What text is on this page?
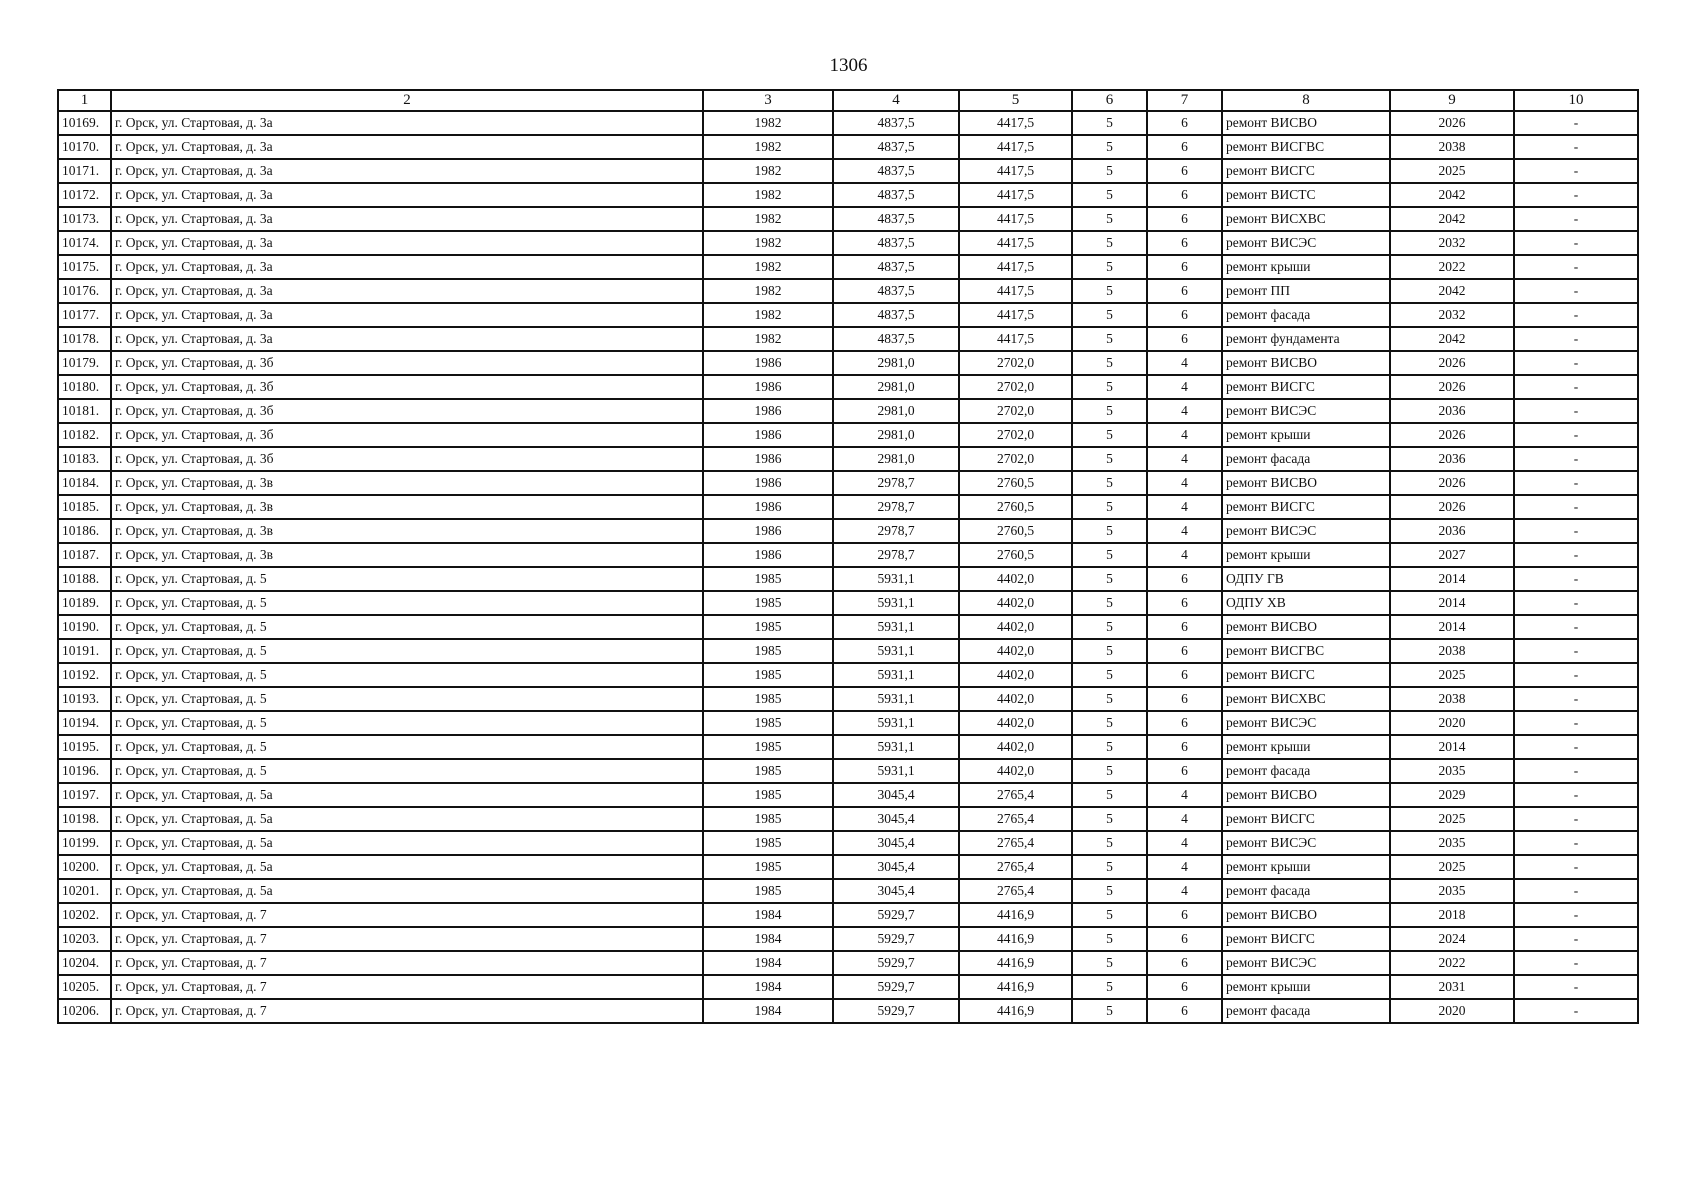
1306
1	2	3	4	5	6	7	8	9	10
10169.	г. Орск, ул. Стартовая, д. 3а	1982	4837,5	4417,5	5	6	ремонт ВИСВО	2026	-
10170.	г. Орск, ул. Стартовая, д. 3а	1982	4837,5	4417,5	5	6	ремонт ВИСГВС	2038	-
10171.	г. Орск, ул. Стартовая, д. 3а	1982	4837,5	4417,5	5	6	ремонт ВИСГС	2025	-
10172.	г. Орск, ул. Стартовая, д. 3а	1982	4837,5	4417,5	5	6	ремонт ВИСТС	2042	-
10173.	г. Орск, ул. Стартовая, д. 3а	1982	4837,5	4417,5	5	6	ремонт ВИСХВС	2042	-
10174.	г. Орск, ул. Стартовая, д. 3а	1982	4837,5	4417,5	5	6	ремонт ВИСЭС	2032	-
10175.	г. Орск, ул. Стартовая, д. 3а	1982	4837,5	4417,5	5	6	ремонт крыши	2022	-
10176.	г. Орск, ул. Стартовая, д. 3а	1982	4837,5	4417,5	5	6	ремонт ПП	2042	-
10177.	г. Орск, ул. Стартовая, д. 3а	1982	4837,5	4417,5	5	6	ремонт фасада	2032	-
10178.	г. Орск, ул. Стартовая, д. 3а	1982	4837,5	4417,5	5	6	ремонт фундамента	2042	-
10179.	г. Орск, ул. Стартовая, д. 3б	1986	2981,0	2702,0	5	4	ремонт ВИСВО	2026	-
10180.	г. Орск, ул. Стартовая, д. 3б	1986	2981,0	2702,0	5	4	ремонт ВИСГС	2026	-
10181.	г. Орск, ул. Стартовая, д. 3б	1986	2981,0	2702,0	5	4	ремонт ВИСЭС	2036	-
10182.	г. Орск, ул. Стартовая, д. 3б	1986	2981,0	2702,0	5	4	ремонт крыши	2026	-
10183.	г. Орск, ул. Стартовая, д. 3б	1986	2981,0	2702,0	5	4	ремонт фасада	2036	-
10184.	г. Орск, ул. Стартовая, д. 3в	1986	2978,7	2760,5	5	4	ремонт ВИСВО	2026	-
10185.	г. Орск, ул. Стартовая, д. 3в	1986	2978,7	2760,5	5	4	ремонт ВИСГС	2026	-
10186.	г. Орск, ул. Стартовая, д. 3в	1986	2978,7	2760,5	5	4	ремонт ВИСЭС	2036	-
10187.	г. Орск, ул. Стартовая, д. 3в	1986	2978,7	2760,5	5	4	ремонт крыши	2027	-
10188.	г. Орск, ул. Стартовая, д. 5	1985	5931,1	4402,0	5	6	ОДПУ ГВ	2014	-
10189.	г. Орск, ул. Стартовая, д. 5	1985	5931,1	4402,0	5	6	ОДПУ ХВ	2014	-
10190.	г. Орск, ул. Стартовая, д. 5	1985	5931,1	4402,0	5	6	ремонт ВИСВО	2014	-
10191.	г. Орск, ул. Стартовая, д. 5	1985	5931,1	4402,0	5	6	ремонт ВИСГВС	2038	-
10192.	г. Орск, ул. Стартовая, д. 5	1985	5931,1	4402,0	5	6	ремонт ВИСГС	2025	-
10193.	г. Орск, ул. Стартовая, д. 5	1985	5931,1	4402,0	5	6	ремонт ВИСХВС	2038	-
10194.	г. Орск, ул. Стартовая, д. 5	1985	5931,1	4402,0	5	6	ремонт ВИСЭС	2020	-
10195.	г. Орск, ул. Стартовая, д. 5	1985	5931,1	4402,0	5	6	ремонт крыши	2014	-
10196.	г. Орск, ул. Стартовая, д. 5	1985	5931,1	4402,0	5	6	ремонт фасада	2035	-
10197.	г. Орск, ул. Стартовая, д. 5а	1985	3045,4	2765,4	5	4	ремонт ВИСВО	2029	-
10198.	г. Орск, ул. Стартовая, д. 5а	1985	3045,4	2765,4	5	4	ремонт ВИСГС	2025	-
10199.	г. Орск, ул. Стартовая, д. 5а	1985	3045,4	2765,4	5	4	ремонт ВИСЭС	2035	-
10200.	г. Орск, ул. Стартовая, д. 5а	1985	3045,4	2765,4	5	4	ремонт крыши	2025	-
10201.	г. Орск, ул. Стартовая, д. 5а	1985	3045,4	2765,4	5	4	ремонт фасада	2035	-
10202.	г. Орск, ул. Стартовая, д. 7	1984	5929,7	4416,9	5	6	ремонт ВИСВО	2018	-
10203.	г. Орск, ул. Стартовая, д. 7	1984	5929,7	4416,9	5	6	ремонт ВИСГС	2024	-
10204.	г. Орск, ул. Стартовая, д. 7	1984	5929,7	4416,9	5	6	ремонт ВИСЭС	2022	-
10205.	г. Орск, ул. Стартовая, д. 7	1984	5929,7	4416,9	5	6	ремонт крыши	2031	-
10206.	г. Орск, ул. Стартовая, д. 7	1984	5929,7	4416,9	5	6	ремонт фасада	2020	-
